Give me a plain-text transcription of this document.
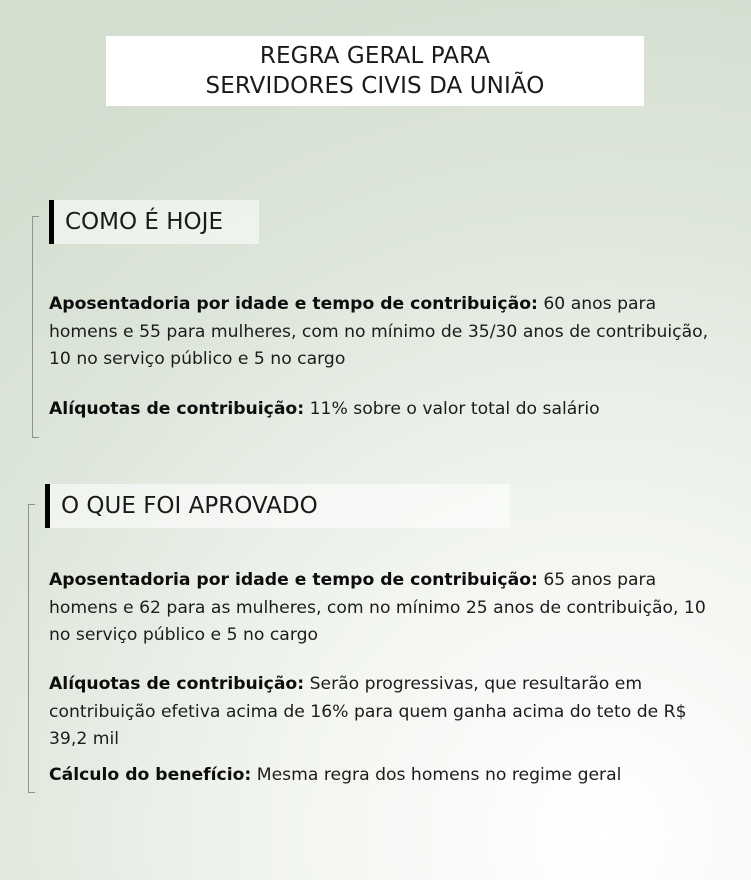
REGRA GERAL PARA
SERVIDORES CIVIS DA UNIÃO
COMO É HOJE
Aposentadoria por idade e tempo de contribuição: 60 anos para homens e 55 para mulheres, com no mínimo de 35/30 anos de contribuição, 10 no serviço público e 5 no cargo
Alíquotas de contribuição: 11% sobre o valor total do salário
O QUE FOI APROVADO
Aposentadoria por idade e tempo de contribuição: 65 anos para homens e 62 para as mulheres, com no mínimo 25 anos de contribuição, 10 no serviço público e 5 no cargo
Alíquotas de contribuição: Serão progressivas, que resultarão em contribuição efetiva acima de 16% para quem ganha acima do teto de R$ 39,2 mil
Cálculo do benefício: Mesma regra dos homens no regime geral
